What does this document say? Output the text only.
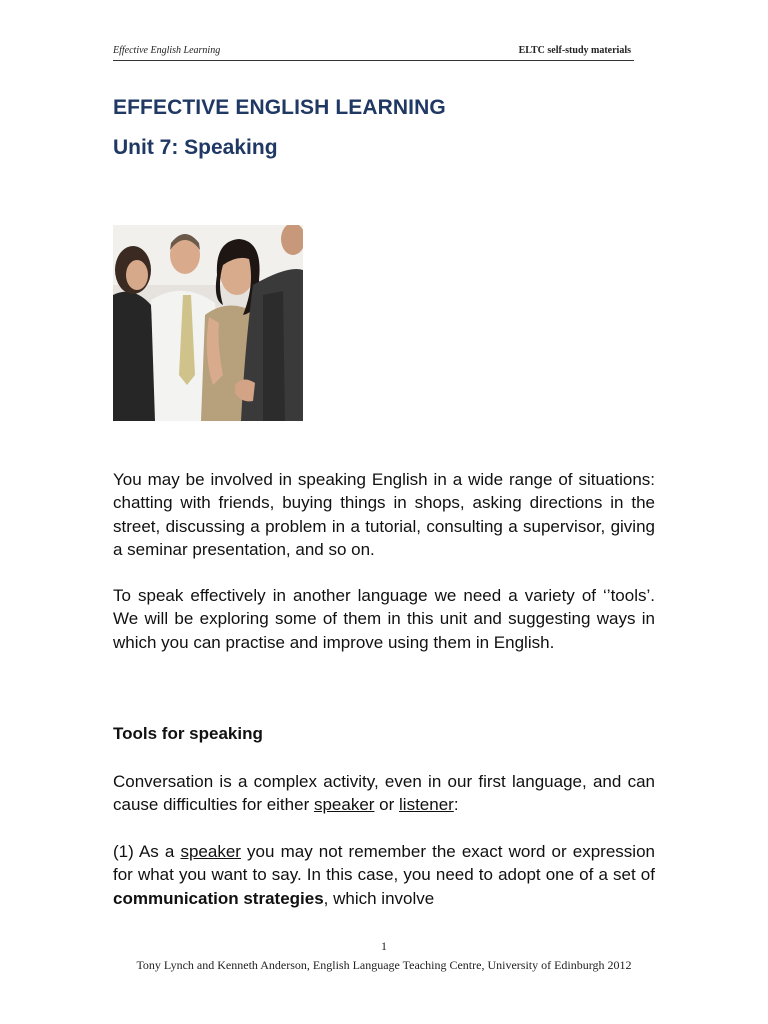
Effective English Learning	ELTC self-study materials
EFFECTIVE ENGLISH LEARNING
Unit 7: Speaking

You may be involved in speaking English in a wide range of situations: chatting with friends, buying things in shops, asking directions in the street, discussing a problem in a tutorial, consulting a supervisor, giving a seminar presentation, and so on.

To speak effectively in another language we need a variety of ‘’tools’. We will be exploring some of them in this unit and suggesting ways in which you can practise and improve using them in English.

Tools for speaking

Conversation is a complex activity, even in our first language, and can cause difficulties for either speaker or listener:

(1) As a speaker you may not remember the exact word or expression for what you want to say. In this case, you need to adopt one of a set of communication strategies, which involve

1
Tony Lynch and Kenneth Anderson, English Language Teaching Centre, University of Edinburgh 2012
